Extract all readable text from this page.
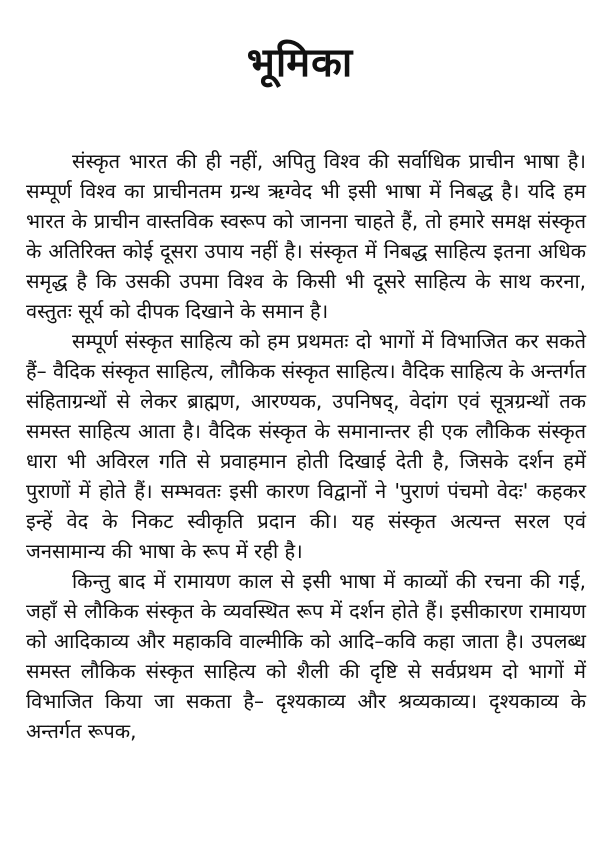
भूमिका

संस्कृत भारत की ही नहीं, अपितु विश्व की सर्वाधिक प्राचीन भाषा है। सम्पूर्ण विश्व का प्राचीनतम ग्रन्थ ऋग्वेद भी इसी भाषा में निबद्ध है। यदि हम भारत के प्राचीन वास्तविक स्वरूप को जानना चाहते हैं, तो हमारे समक्ष संस्कृत के अतिरिक्त कोई दूसरा उपाय नहीं है। संस्कृत में निबद्ध साहित्य इतना अधिक समृद्ध है कि उसकी उपमा विश्व के किसी भी दूसरे साहित्य के साथ करना, वस्तुतः सूर्य को दीपक दिखाने के समान है।

सम्पूर्ण संस्कृत साहित्य को हम प्रथमतः दो भागों में विभाजित कर सकते हैं– वैदिक संस्कृत साहित्य, लौकिक संस्कृत साहित्य। वैदिक साहित्य के अन्तर्गत संहिताग्रन्थों से लेकर ब्राह्मण, आरण्यक, उपनिषद्, वेदांग एवं सूत्रग्रन्थों तक समस्त साहित्य आता है। वैदिक संस्कृत के समानान्तर ही एक लौकिक संस्कृत धारा भी अविरल गति से प्रवाहमान होती दिखाई देती है, जिसके दर्शन हमें पुराणों में होते हैं। सम्भवतः इसी कारण विद्वानों ने 'पुराणं पंचमो वेदः' कहकर इन्हें वेद के निकट स्वीकृति प्रदान की। यह संस्कृत अत्यन्त सरल एवं जनसामान्य की भाषा के रूप में रही है।

किन्तु बाद में रामायण काल से इसी भाषा में काव्यों की रचना की गई, जहाँ से लौकिक संस्कृत के व्यवस्थित रूप में दर्शन होते हैं। इसीकारण रामायण को आदिकाव्य और महाकवि वाल्मीकि को आदि–कवि कहा जाता है। उपलब्ध समस्त लौकिक संस्कृत साहित्य को शैली की दृष्टि से सर्वप्रथम दो भागों में विभाजित किया जा सकता है– दृश्यकाव्य और श्रव्यकाव्य। दृश्यकाव्य के अन्तर्गत रूपक,
